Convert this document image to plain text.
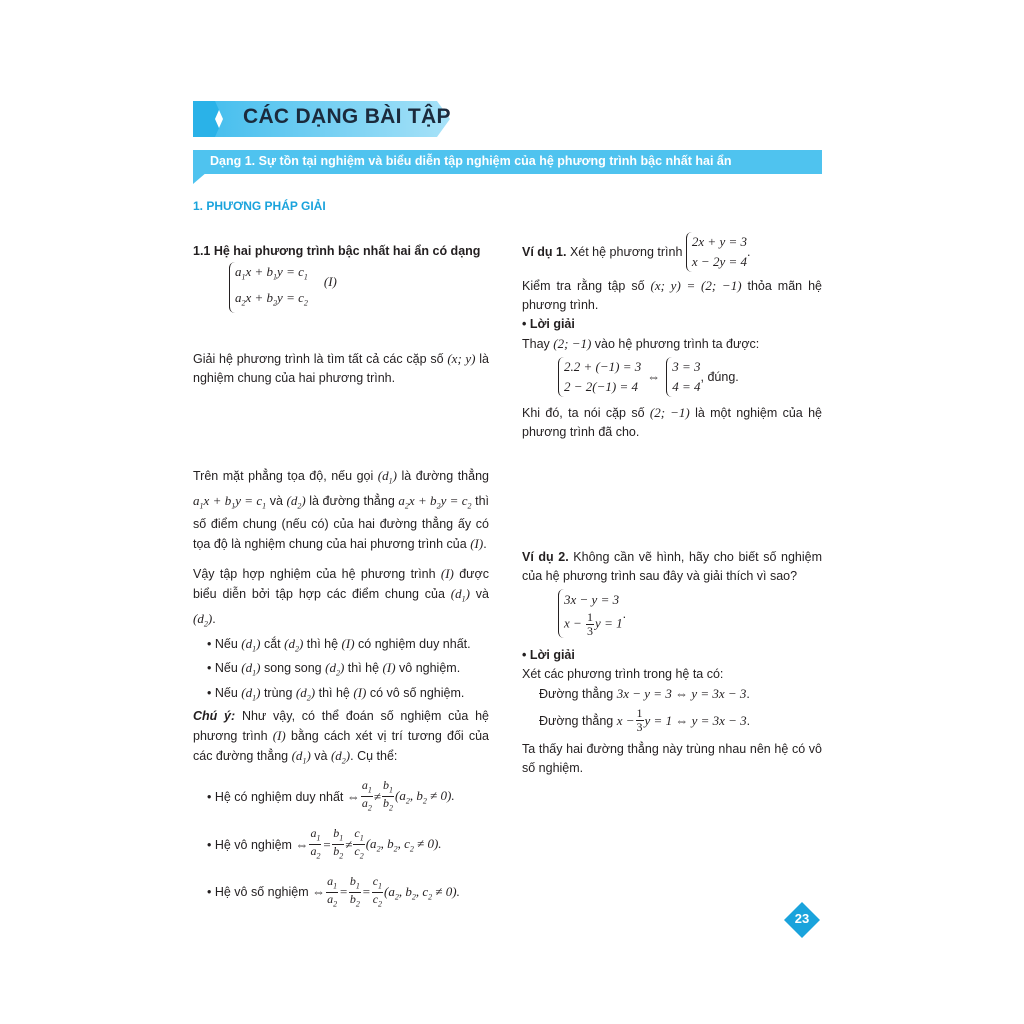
CÁC DẠNG BÀI TẬP
Dạng 1. Sự tồn tại nghiệm và biểu diễn tập nghiệm của hệ phương trình bậc nhất hai ẩn
1. PHƯƠNG PHÁP GIẢI

1.1 Hệ hai phương trình bậc nhất hai ẩn có dạng

$a_1x + b_1y = c_1$
$a_2x + b_2y = c_2$
(I)

Giải hệ phương trình là tìm tất cả các cặp số (x; y) là nghiệm chung của hai phương trình.

Trên mặt phẳng tọa độ, nếu gọi $(d_1)$ là đường thẳng $a_1x + b_1y = c_1$ và $(d_2)$ là đường thẳng $a_2x + b_2y = c_2$ thì số điểm chung (nếu có) của hai đường thẳng ấy có tọa độ là nghiệm chung của hai phương trình của (I).

Vậy tập hợp nghiệm của hệ phương trình (I) được biểu diễn bởi tập hợp các điểm chung của $(d_1)$ và $(d_2)$.

• Nếu $(d_1)$ cắt $(d_2)$ thì hệ (I) có nghiệm duy nhất.

• Nếu $(d_1)$ song song $(d_2)$ thì hệ (I) vô nghiệm.

• Nếu $(d_1)$ trùng $(d_2)$ thì hệ (I) có vô số nghiệm.

Chú ý: Như vậy, có thể đoán số nghiệm của hệ phương trình (I) bằng cách xét vị trí tương đối của các đường thẳng $(d_1)$ và $(d_2)$. Cụ thể:

• Hệ có nghiệm duy nhất
⇔ $\frac{a_1}{a_2} \ne \frac{b_1}{b_2} (a_2$, $b_2 \ne 0$).
• Hệ vô nghiệm
⇔ $\frac{a_1}{a_2} = \frac{b_1}{b_2} \ne \frac{c_1}{c_2} (a_2$, $b_2$, $c_2 \ne 0$).
• Hệ vô số nghiệm
⇔ $\frac{a_1}{a_2} = \frac{b_1}{b_2} = \frac{c_1}{c_2} (a_2$, $b_2$, $c_2 \ne 0$).
Ví dụ 1.
Xét hệ phương trình

2x + y = 3
x − 2y = 4
.

Kiểm tra rằng tập số (x; y) = (2; −1) thỏa mãn hệ phương trình.

• Lời giải

Thay (2; −1) vào hệ phương trình ta được:

2.2 + (−1) = 3
2 − 2(−1) = 4
⇔
3 = 3
4 = 4
, đúng.

Khi đó, ta nói cặp số (2; −1) là một nghiệm của hệ phương trình đã cho.

Ví dụ 2. Không cần vẽ hình, hãy cho biết số nghiệm của hệ phương trình sau đây và giải thích vì sao?

3x − y = 3
$x - \frac{1}{3}$ y = 1
.

• Lời giải

Xét các phương trình trong hệ ta có:

Đường thẳng 3x − y = 3 ⇔ y = 3x − 3.

Đường thẳng
$x - \frac{1}{3}$ y = 1 ⇔ y = 3x − 3 .

Ta thấy hai đường thẳng này trùng nhau nên hệ có vô số nghiệm.

23
